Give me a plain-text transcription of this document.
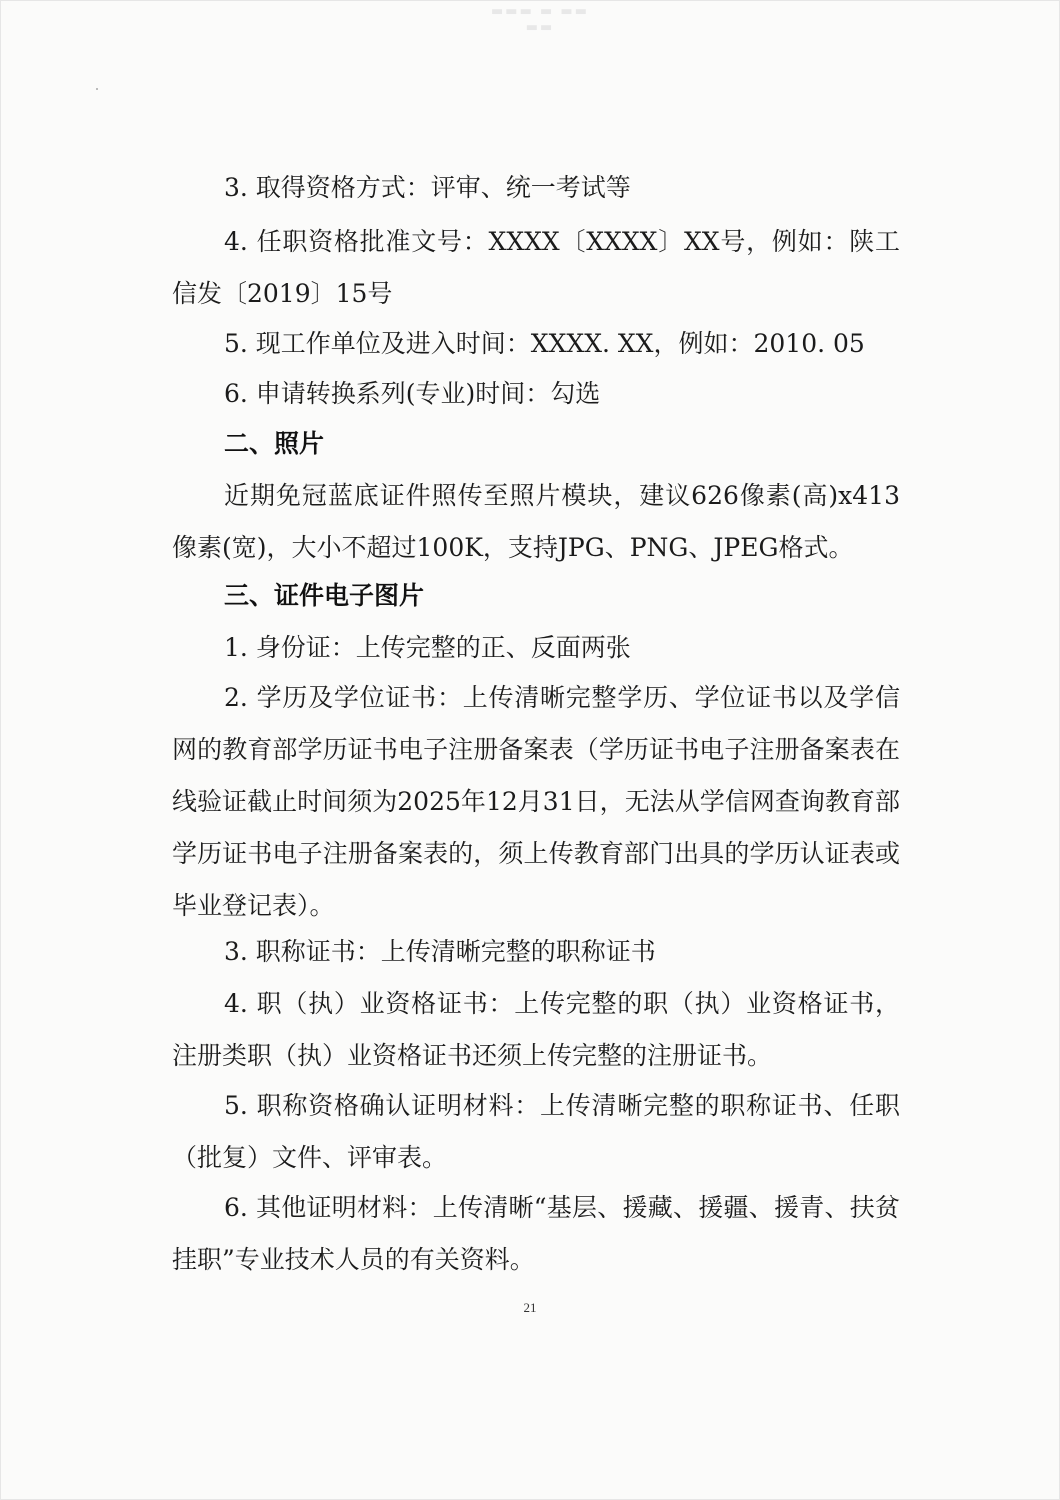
▬▬▬ ▬ ▬▬
▬▬

3. 取得资格方式：评审、统一考试等

4. 任职资格批准文号：XXXX〔XXXX〕XX号，例如：陕工信发〔2019〕15号

5. 现工作单位及进入时间：XXXX. XX，例如：2010. 05

6. 申请转换系列(专业)时间：勾选

二、照片

近期免冠蓝底证件照传至照片模块，建议626像素(高)x413像素(宽)，大小不超过100K，支持JPG、PNG、JPEG格式。

三、证件电子图片

1. 身份证：上传完整的正、反面两张

2. 学历及学位证书：上传清晰完整学历、学位证书以及学信网的教育部学历证书电子注册备案表（学历证书电子注册备案表在线验证截止时间须为2025年12月31日，无法从学信网查询教育部学历证书电子注册备案表的，须上传教育部门出具的学历认证表或毕业登记表）。

3. 职称证书：上传清晰完整的职称证书

4. 职（执）业资格证书：上传完整的职（执）业资格证书，注册类职（执）业资格证书还须上传完整的注册证书。

5. 职称资格确认证明材料：上传清晰完整的职称证书、任职（批复）文件、评审表。

6. 其他证明材料：上传清晰“基层、援藏、援疆、援青、扶贫挂职”专业技术人员的有关资料。

21
